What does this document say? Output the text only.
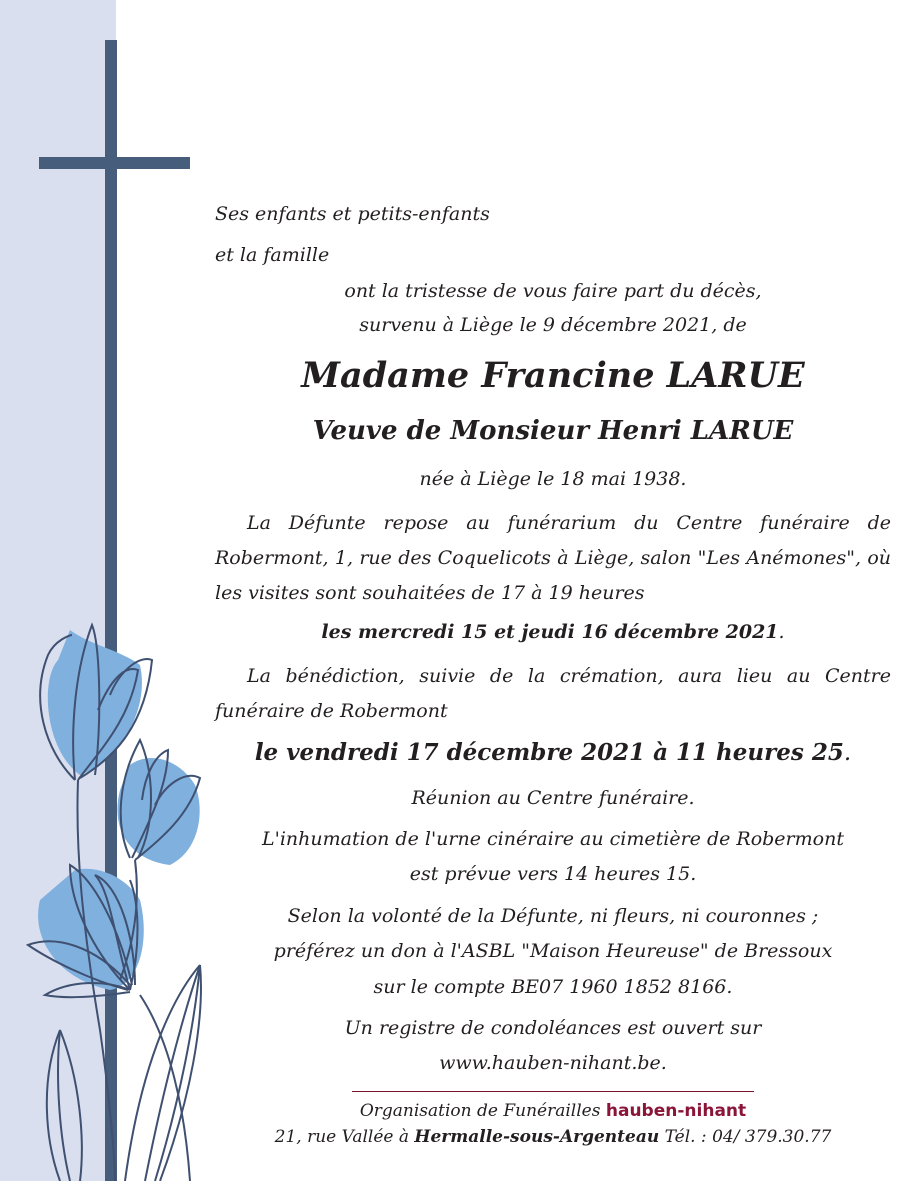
Ses enfants et petits-enfants
et la famille
ont la tristesse de vous faire part du décès,
survenu à Liège le 9 décembre 2021, de
Madame Francine LARUE
Veuve de Monsieur Henri LARUE
née à Liège le 18 mai 1938.
La Défunte repose au funérarium du Centre funéraire de Robermont, 1, rue des Coquelicots à Liège, salon "Les Anémones", où les visites sont souhaitées de 17 à 19 heures
les mercredi 15 et jeudi 16 décembre 2021.
La bénédiction, suivie de la crémation, aura lieu au Centre funéraire de Robermont
le vendredi 17 décembre 2021 à 11 heures 25.
Réunion au Centre funéraire.
L'inhumation de l'urne cinéraire au cimetière de Robermont
est prévue vers 14 heures 15.
Selon la volonté de la Défunte, ni fleurs, ni couronnes ;
préférez un don à l'ASBL "Maison Heureuse" de Bressoux
sur le compte BE07 1960 1852 8166.
Un registre de condoléances est ouvert sur
www.hauben-nihant.be.
Organisation de Funérailles hauben-nihant
21, rue Vallée à Hermalle-sous-Argenteau Tél. : 04/ 379.30.77
